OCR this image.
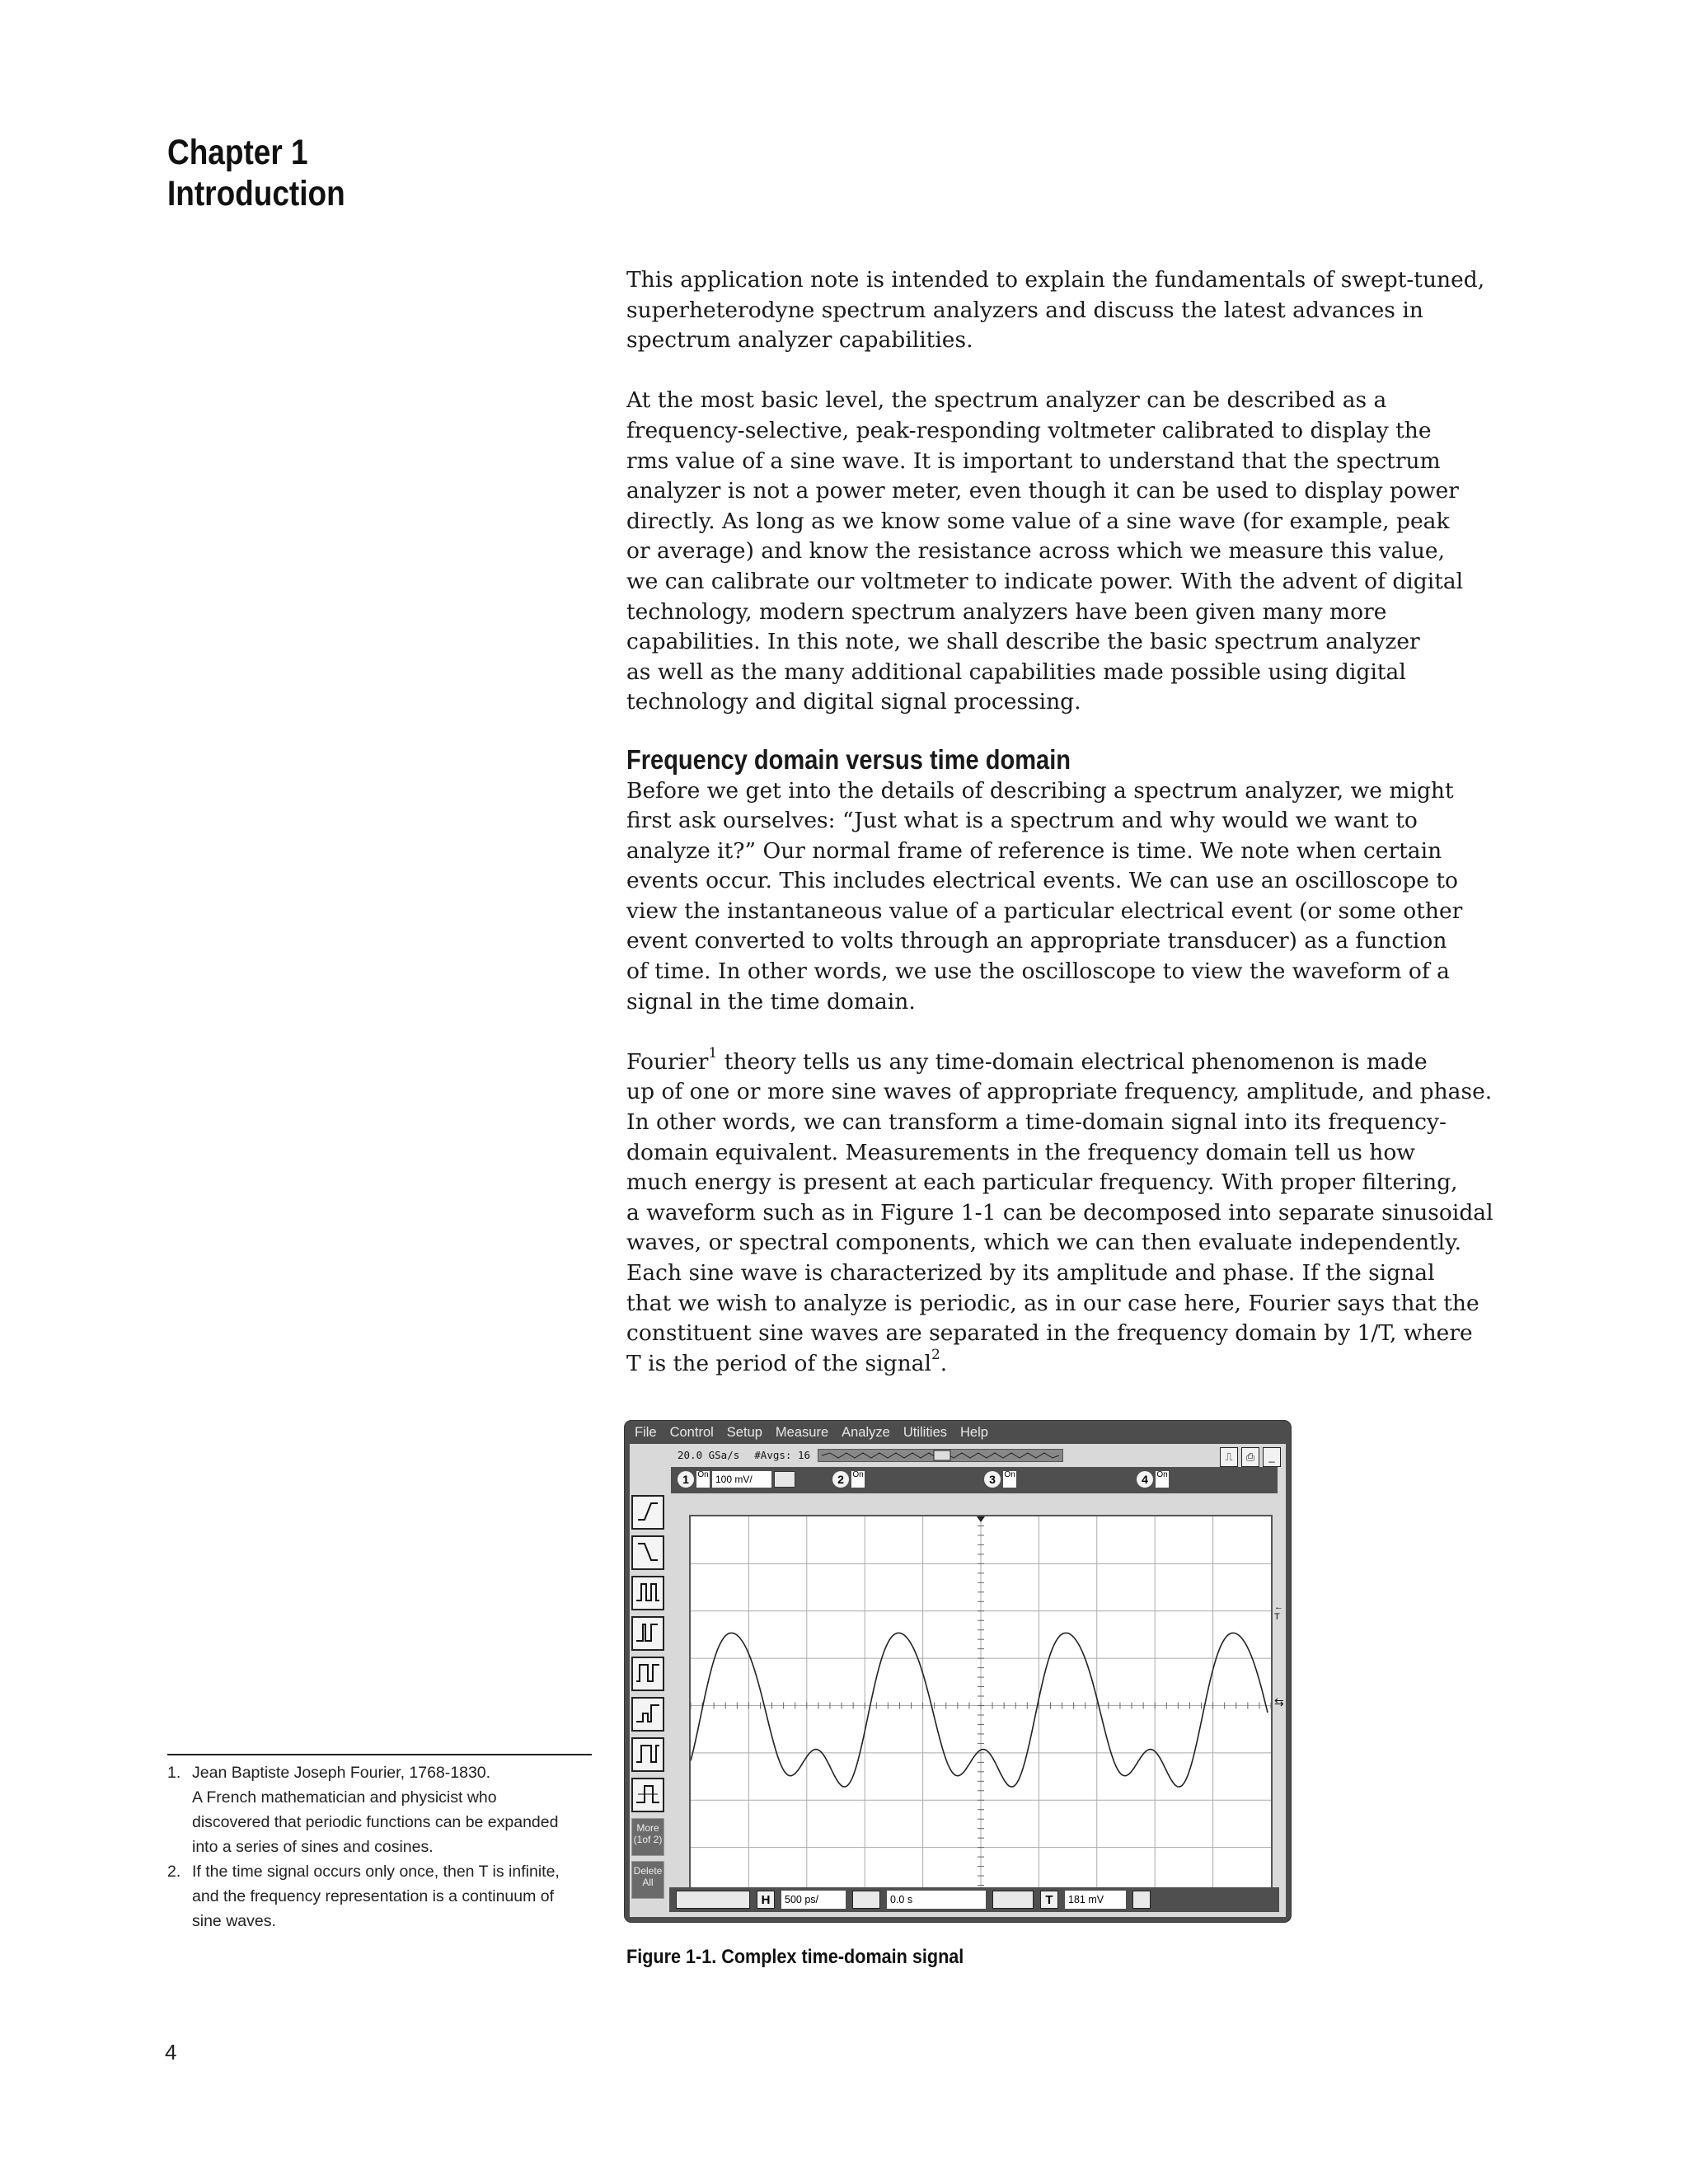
Chapter 1
Introduction

This application note is intended to explain the fundamentals of swept-tuned,
superheterodyne spectrum analyzers and discuss the latest advances in
spectrum analyzer capabilities.

At the most basic level, the spectrum analyzer can be described as a
frequency-selective, peak-responding voltmeter calibrated to display the
rms value of a sine wave. It is important to understand that the spectrum
analyzer is not a power meter, even though it can be used to display power
directly. As long as we know some value of a sine wave (for example, peak
or average) and know the resistance across which we measure this value,
we can calibrate our voltmeter to indicate power. With the advent of digital
technology, modern spectrum analyzers have been given many more
capabilities. In this note, we shall describe the basic spectrum analyzer
as well as the many additional capabilities made possible using digital
technology and digital signal processing.

Frequency domain versus time domain

Before we get into the details of describing a spectrum analyzer, we might
first ask ourselves: “Just what is a spectrum and why would we want to
analyze it?” Our normal frame of reference is time. We note when certain
events occur. This includes electrical events. We can use an oscilloscope to
view the instantaneous value of a particular electrical event (or some other
event converted to volts through an appropriate transducer) as a function
of time. In other words, we use the oscilloscope to view the waveform of a
signal in the time domain.

Fourier$^1$ theory tells us any time-domain electrical phenomenon is made
up of one or more sine waves of appropriate frequency, amplitude, and phase.
In other words, we can transform a time-domain signal into its frequency-
domain equivalent. Measurements in the frequency domain tell us how
much energy is present at each particular frequency. With proper filtering,
a waveform such as in Figure 1-1 can be decomposed into separate sinusoidal
waves, or spectral components, which we can then evaluate independently.
Each sine wave is characterized by its amplitude and phase. If the signal
that we wish to analyze is periodic, as in our case here, Fourier says that the
constituent sine waves are separated in the frequency domain by 1/T, where
T is the period of the signal$^2$.

File Control Setup Measure Analyze Utilities Help
20.0 GSa/s #Avgs: 16	⎍	⎙	_
1	On 100 mV/	2	On	3	On	4	On
More (1of 2)
Delete All
← T
⇆
H	500 ps/	0.0 s	T	181 mV
Figure 1-1. Complex time-domain signal
1. Jean Baptiste Joseph Fourier, 1768-1830.
A French mathematician and physicist who
discovered that periodic functions can be expanded
into a series of sines and cosines.
2. If the time signal occurs only once, then T is infinite,
and the frequency representation is a continuum of
sine waves.
4
